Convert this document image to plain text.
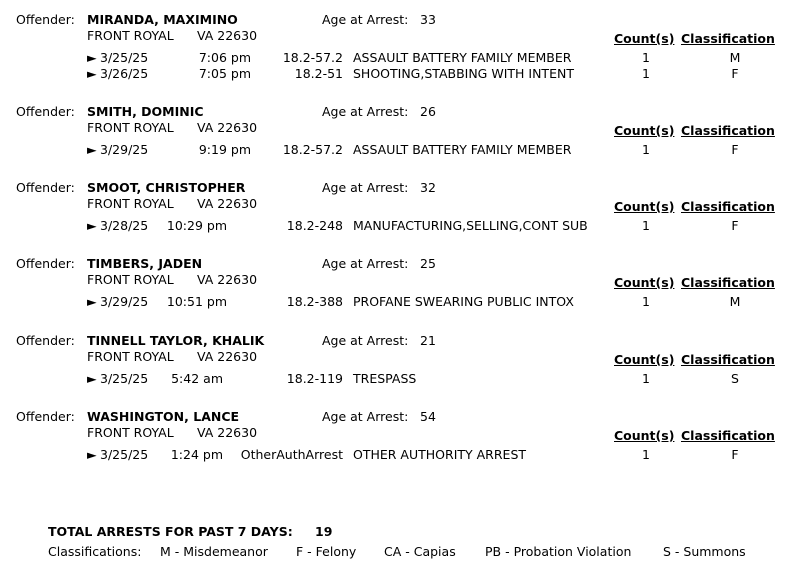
Offender: MIRANDA, MAXIMINO	Age at Arrest: 33
FRONT ROYAL VA 22630	Count(s) Classification
► 3/25/25	7:06 pm	18.2-57.2 ASSAULT BATTERY FAMILY MEMBER	1	M
► 3/26/25	7:05 pm	18.2-51 SHOOTING,STABBING WITH INTENT	1	F
Offender: SMITH, DOMINIC	Age at Arrest: 26
FRONT ROYAL VA 22630	Count(s) Classification
► 3/29/25	9:19 pm	18.2-57.2 ASSAULT BATTERY FAMILY MEMBER	1	F
Offender: SMOOT, CHRISTOPHER	Age at Arrest: 32
FRONT ROYAL VA 22630	Count(s) Classification
► 3/28/25	10:29 pm	18.2-248 MANUFACTURING,SELLING,CONT SUB	1	F
Offender: TIMBERS, JADEN	Age at Arrest: 25
FRONT ROYAL VA 22630	Count(s) Classification
► 3/29/25	10:51 pm	18.2-388 PROFANE SWEARING PUBLIC INTOX	1	M
Offender: TINNELL TAYLOR, KHALIK	Age at Arrest: 21
FRONT ROYAL VA 22630	Count(s) Classification
► 3/25/25	5:42 am	18.2-119 TRESPASS	1	S
Offender: WASHINGTON, LANCE	Age at Arrest: 54
FRONT ROYAL VA 22630	Count(s) Classification
► 3/25/25	1:24 pm	OtherAuthArrest OTHER AUTHORITY ARREST	1	F
TOTAL ARRESTS FOR PAST 7 DAYS: 19
Classifications: M - Misdemeanor F - Felony CA - Capias PB - Probation Violation	S - Summons
